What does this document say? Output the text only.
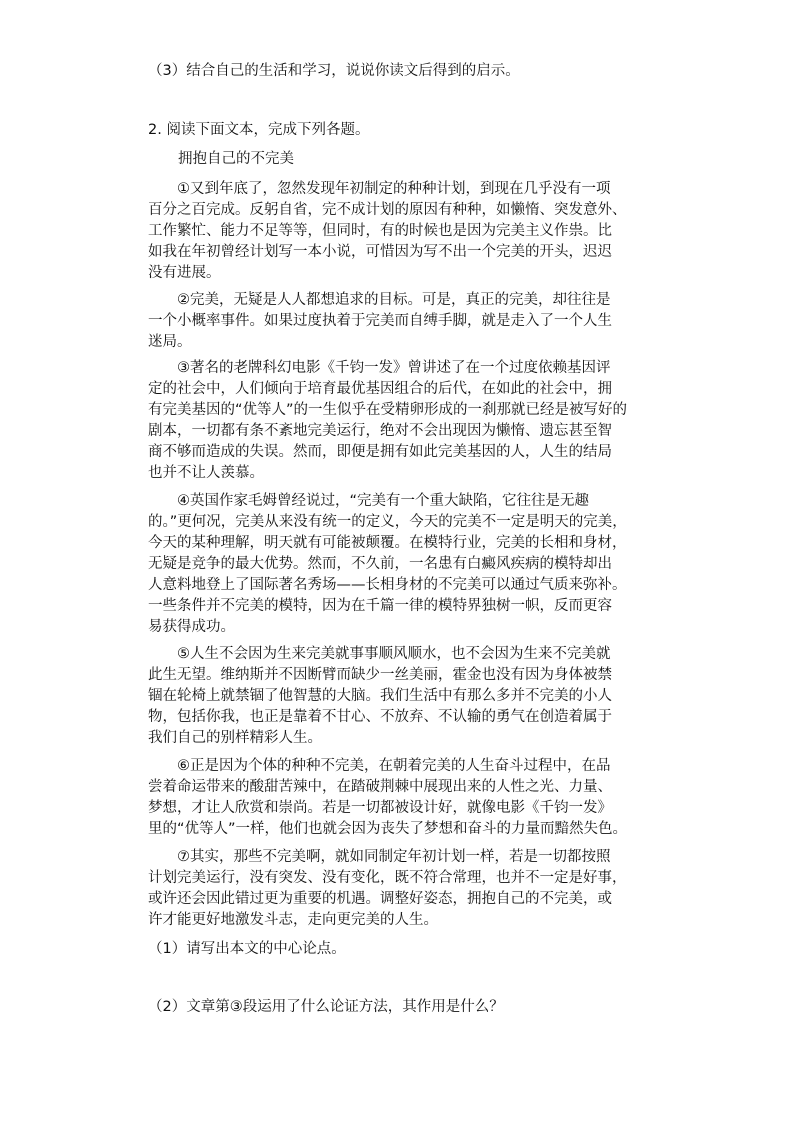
（3）结合自己的生活和学习，说说你读文后得到的启示。
2. 阅读下面文本，完成下列各题。
拥抱自己的不完美
　　①又到年底了，忽然发现年初制定的种种计划，到现在几乎没有一项
百分之百完成。反躬自省，完不成计划的原因有种种，如懒惰、突发意外、
工作繁忙、能力不足等等，但同时，有的时候也是因为完美主义作祟。比
如我在年初曾经计划写一本小说，可惜因为写不出一个完美的开头，迟迟
没有进展。
　　②完美，无疑是人人都想追求的目标。可是，真正的完美，却往往是
一个小概率事件。如果过度执着于完美而自缚手脚，就是走入了一个人生
迷局。
　　③著名的老牌科幻电影《千钧一发》曾讲述了在一个过度依赖基因评
定的社会中，人们倾向于培育最优基因组合的后代，在如此的社会中，拥
有完美基因的“优等人”的一生似乎在受精卵形成的一刹那就已经是被写好的
剧本，一切都有条不紊地完美运行，绝对不会出现因为懒惰、遗忘甚至智
商不够而造成的失误。然而，即便是拥有如此完美基因的人，人生的结局
也并不让人羡慕。
　　④英国作家毛姆曾经说过，“完美有一个重大缺陷，它往往是无趣
的。”更何况，完美从来没有统一的定义，今天的完美不一定是明天的完美，
今天的某种理解，明天就有可能被颠覆。在模特行业，完美的长相和身材，
无疑是竞争的最大优势。然而，不久前，一名患有白癜风疾病的模特却出
人意料地登上了国际著名秀场——长相身材的不完美可以通过气质来弥补。
一些条件并不完美的模特，因为在千篇一律的模特界独树一帜，反而更容
易获得成功。
　　⑤人生不会因为生来完美就事事顺风顺水，也不会因为生来不完美就
此生无望。维纳斯并不因断臂而缺少一丝美丽，霍金也没有因为身体被禁
锢在轮椅上就禁锢了他智慧的大脑。我们生活中有那么多并不完美的小人
物，包括你我，也正是靠着不甘心、不放弃、不认输的勇气在创造着属于
我们自己的别样精彩人生。
　　⑥正是因为个体的种种不完美，在朝着完美的人生奋斗过程中，在品
尝着命运带来的酸甜苦辣中，在踏破荆棘中展现出来的人性之光、力量、
梦想，才让人欣赏和崇尚。若是一切都被设计好，就像电影《千钧一发》
里的“优等人”一样，他们也就会因为丧失了梦想和奋斗的力量而黯然失色。
　　⑦其实，那些不完美啊，就如同制定年初计划一样，若是一切都按照
计划完美运行，没有突发、没有变化，既不符合常理，也并不一定是好事，
或许还会因此错过更为重要的机遇。调整好姿态，拥抱自己的不完美，或
许才能更好地激发斗志，走向更完美的人生。
（1）请写出本文的中心论点。
（2）文章第③段运用了什么论证方法，其作用是什么？
